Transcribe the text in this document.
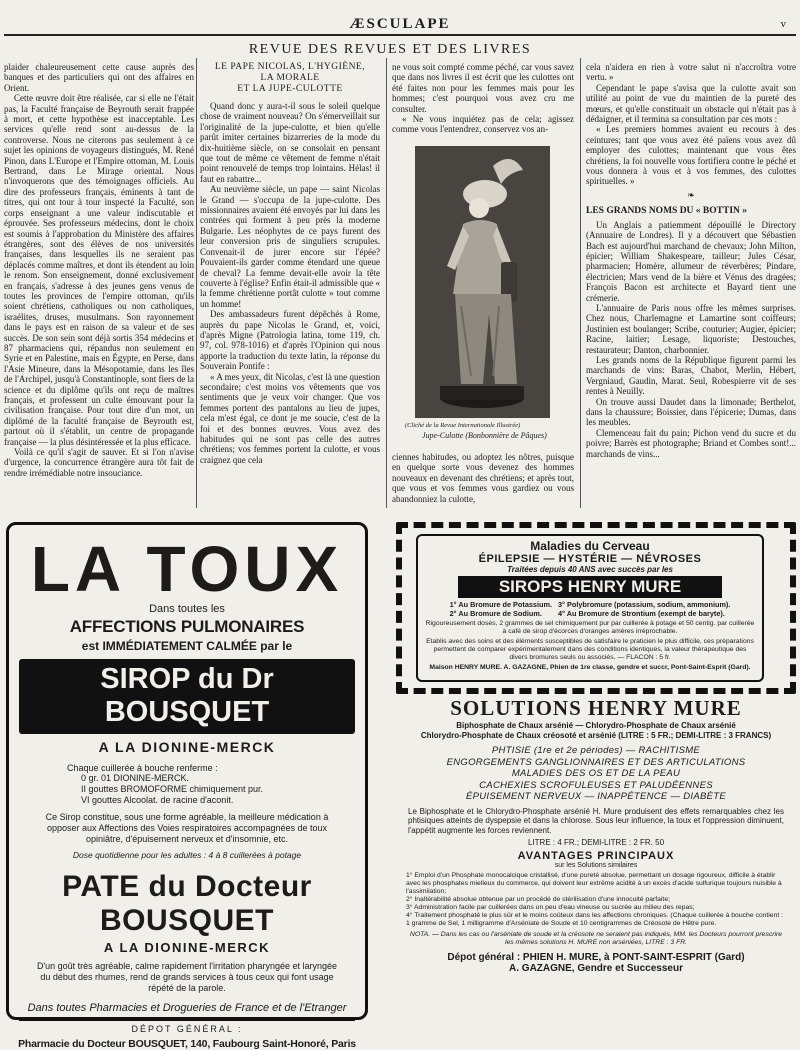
ÆSCULAPE	v
REVUE DES REVUES ET DES LIVRES

plaider chaleureusement cette cause auprès des banques et des particuliers qui ont des affaires en Orient.

Cette œuvre doit être réalisée, car si elle ne l'était pas, la Faculté française de Beyrouth serait frappée à mort, et cette hypothèse est inacceptable. Les services qu'elle rend sont au-dessus de la controverse. Nous ne citerons pas seulement à ce sujet les opinions de voyageurs distingués, M. René Pinon, dans L'Europe et l'Empire ottoman, M. Louis Bertrand, dans Le Mirage oriental. Nous n'invoquerons que des témoignages officiels. Au dire des professeurs français, éminents à tant de titres, qui ont tour à tour inspecté la Faculté, son corps enseignant a une valeur indiscutable et éprouvée. Ses professeurs médecins, dont le choix est soumis à l'approbation du Ministère des affaires étrangères, sont des élèves de nos universités françaises, dans lesquelles ils ne seraient pas déplacés comme maîtres, et dont ils étendent au loin le renom. Son enseignement, donné exclusivement en français, s'adresse à des jeunes gens venus de toutes les provinces de l'empire ottoman, qu'ils soient chrétiens, catholiques ou non catholiques, israélites, druses, musulmans. Son rayonnement dans le pays est en raison de sa valeur et de ses succès. De son sein sont déjà sortis 354 médecins et 87 pharmaciens qui, répandus non seulement en Syrie et en Palestine, mais en Égypte, en Perse, dans l'Asie Mineure, dans la Mésopotamie, dans les îles de l'Archipel, jusqu'à Constantinople, sont fiers de la science et du diplôme qu'ils ont reçu de maîtres français, et professent un culte émouvant pour la civilisation française. Pour tout dire d'un mot, un diplômé de la faculté française de Beyrouth est, partout où il s'établit, un centre de propagande française — la plus désintéressée et la plus efficace.

Voilà ce qu'il s'agit de sauver. Et si l'on n'avise d'urgence, la concurrence étrangère aura tôt fait de rendre irrémédiable notre insouciance.

LE PAPE NICOLAS, L'HYGIÈNE,
LA MORALE
ET LA JUPE-CULOTTE

Quand donc y aura-t-il sous le soleil quelque chose de vraiment nouveau? On s'émerveillait sur l'originalité de la jupe-culotte, et bien qu'elle parût imiter certaines bizarreries de la mode du dix-huitième siècle, on se consolait en pensant que tout de même ce vêtement de femme n'était point renouvelé de temps trop lointains. Hélas! il faut en rabattre...

Au neuvième siècle, un pape — saint Nicolas le Grand — s'occupa de la jupe-culotte. Des missionnaires avaient été envoyés par lui dans les contrées qui forment à peu près la moderne Bulgarie. Les néophytes de ce pays furent des leur conversion pris de singuliers scrupules. Convenait-il de jurer encore sur l'épée? Pouvaient-ils garder comme étendard une queue de cheval? La femme devait-elle avoir la tête couverte à l'église? Enfin était-il admissible que « la femme chrétienne portât culotte » tout comme un homme!

Des ambassadeurs furent dépêchés à Rome, auprès du pape Nicolas le Grand, et, voici, d'après Migne (Patrologia latina, tome 119, ch. 97, col. 978-1016) et d'après l'Opinion qui nous apporte la traduction du texte latin, la réponse du Souverain Pontife :

« A mes yeux, dit Nicolas, c'est là une question secondaire; c'est moins vos vêtements que vos sentiments que je veux voir changer. Que vos femmes portent des pantalons au lieu de jupes, cela m'est égal, ce dont je me soucie, c'est de la foi et des bonnes œuvres. Vous avez des habitudes qui ne sont pas celle des autres chrétiens; vos femmes portent la culotte, et vous craignez que cela

ne vous soit compté comme péché, car vous savez que dans nos livres il est écrit que les culottes ont été faites non pour les femmes mais pour les hommes; c'est pourquoi vous avez cru me consulter.

« Ne vous inquiétez pas de cela; agissez comme vous l'entendrez, conservez vos an-

(Cliché de la Revue Internationale Illustrée)
Jupe-Culotte (Bonbonnière de Pâques)

ciennes habitudes, ou adoptez les nôtres, puisque en quelque sorte vous devenez des hommes nouveaux en devenant des chrétiens; et après tout, que vous et vos femmes vous gardiez ou vous abandonniez la culotte,

cela n'aidera en rien à votre salut ni n'accroîtra votre vertu. »

Cependant le pape s'avisa que la culotte avait son utilité au point de vue du maintien de la pureté des mœurs, et qu'elle constituait un obstacle qui n'était pas à dédaigner, et il termina sa consultation par ces mots :

« Les premiers hommes avaient eu recours à des ceintures; tant que vous avez été païens vous avez dû employer des culottes; maintenant que vous êtes chrétiens, la foi nouvelle vous fortifiera contre le péché et vous donnera à vous et à vos femmes, des culottes spirituelles. »

❧
LES GRANDS NOMS DU « BOTTIN »

Un Anglais a patiemment dépouillé le Directory (Annuaire de Londres). Il y a découvert que Sébastien Bach est aujourd'hui marchand de chevaux; John Milton, épicier; William Shakespeare, tailleur; Jules César, pharmacien; Homère, allumeur de réverbères; Pindare, électricien; Mars vend de la bière et Vénus des dragées; François Bacon est architecte et Bayard tient une crémerie.

L'annuaire de Paris nous offre les mêmes surprises. Chez nous, Charlemagne et Lamartine sont coiffeurs; Justinien est boulanger; Scribe, couturier; Augier, épicier; Racine, laitier; Lesage, liquoriste; Destouches, restaurateur; Danton, charbonnier.

Les grands noms de la République figurent parmi les marchands de vins: Baras, Chabot, Merlin, Hébert, Vergniaud, Gaudin, Marat. Seul, Robespierre vit de ses rentes à Neuilly.

On trouve aussi Daudet dans la limonade; Berthelot, dans la chaussure; Boissier, dans l'épicerie; Dumas, dans les meubles.

Clemenceau fait du pain; Pichon vend du sucre et du poivre; Barrès est photographe; Briand et Combes sont!... marchands de vins...

LA TOUX
Dans toutes les
AFFECTIONS PULMONAIRES
est IMMÉDIATEMENT CALMÉE par le
SIROP du Dr BOUSQUET
A LA DIONINE-MERCK
Chaque cuillerée à bouche renferme :
0 gr. 01 DIONINE-MERCK.
II gouttes BROMOFORME chimiquement pur.
VI gouttes Alcoolat. de racine d'aconit.
Ce Sirop constitue, sous une forme agréable, la meilleure médication à opposer aux Affections des Voies respiratoires accompagnées de toux opiniâtre, d'épuisement nerveux et d'insomnie, etc.
Dose quotidienne pour les adultes : 4 à 8 cuillerées à potage
PATE du Docteur BOUSQUET
A LA DIONINE-MERCK
D'un goût très agréable, calme rapidement l'irritation pharyngée et laryngée du début des rhumes, rend de grands services à tous ceux qui font usage répété de la parole.
Dans toutes Pharmacies et Drogueries de France et de l'Etranger
DÉPOT GÉNÉRAL :
Pharmacie du Docteur BOUSQUET, 140, Faubourg Saint-Honoré, Paris
Maladies du Cerveau
ÉPILEPSIE — HYSTÉRIE — NÉVROSES
Traitées depuis 40 ANS avec succès par les
SIROPS HENRY MURE
1° Au Bromure de Potassium.
2° Au Bromure de Sodium.
3° Polybromure (potassium, sodium, ammonium).
4° Au Bromure de Strontium (exempt de baryte).
Rigoureusement dosés, 2 grammes de sel chimiquement pur par cuillerée à potage et 50 centig. par cuillerée à café de sirop d'écorces d'oranges amères irréprochable.
Etablis avec des soins et des éléments susceptibles de satisfaire le praticien le plus difficile, ces préparations permettent de comparer expérimentalement dans des conditions identiques, la valeur thérapeutique des divers bromures seuls ou associés. — FLACON : 5 fr.
Maison HENRY MURE. A. GAZAGNE, Phien de 1re classe, gendre et succr, Pont-Saint-Esprit (Gard).
SOLUTIONS HENRY MURE
Biphosphate de Chaux arsénié — Chlorydro-Phosphate de Chaux arsénié
Chlorydro-Phosphate de Chaux créosoté et arsénié (LITRE : 5 FR.; DEMI-LITRE : 3 FRANCS)
PHTISIE (1re et 2e périodes) — RACHITISME
ENGORGEMENTS GANGLIONNAIRES ET DES ARTICULATIONS
MALADIES DES OS ET DE LA PEAU
CACHEXIES SCROFULEUSES ET PALUDÉENNES
ÉPUISEMENT NERVEUX — INAPPÉTENCE — DIABÈTE
Le Biphosphate et le Chlorydro-Phosphate arsénié H. Mure produisent des effets remarquables chez les phtisiques atteints de dyspepsie et dans la chlorose. Sous leur influence, la toux et l'oppression diminuent, l'appétit augmente les forces reviennent.
LITRE : 4 FR.; DEMI-LITRE : 2 FR. 50
AVANTAGES PRINCIPAUX
sur les Solutions similaires
1° Emploi d'un Phosphate monocalcique cristallisé, d'une pureté absolue, permettant un dosage rigoureux, difficile à établir avec les phosphates mielleux du commerce, qui doivent leur extrême acidité à un excès d'acide sulfurique toujours nuisible à l'assimilation;
2° Inaltérabilité absolue obtenue par un procédé de stérilisation d'une innocuité parfaite;
3° Administration facile par cuillerées dans un peu d'eau vineuse ou sucrée au milieu des repas;
4° Traitement phosphaté le plus sûr et le moins coûteux dans les affections chroniques. (Chaque cuillerée à bouche contient : 1 gramme de Sel, 1 milligramme d'Arséniate de Soude et 10 centigrammes de Créosote de Hêtre pure.
NOTA. — Dans les cas ou l'arséniate de soude et la créosote ne seraient pas indiqués, MM. les Docteurs pourront prescrire les mêmes solutions H. MURE non arséniées, LITRE : 3 FR.
Dépot général : PHIEN H. MURE, à PONT-SAINT-ESPRIT (Gard)
A. GAZAGNE, Gendre et Successeur
